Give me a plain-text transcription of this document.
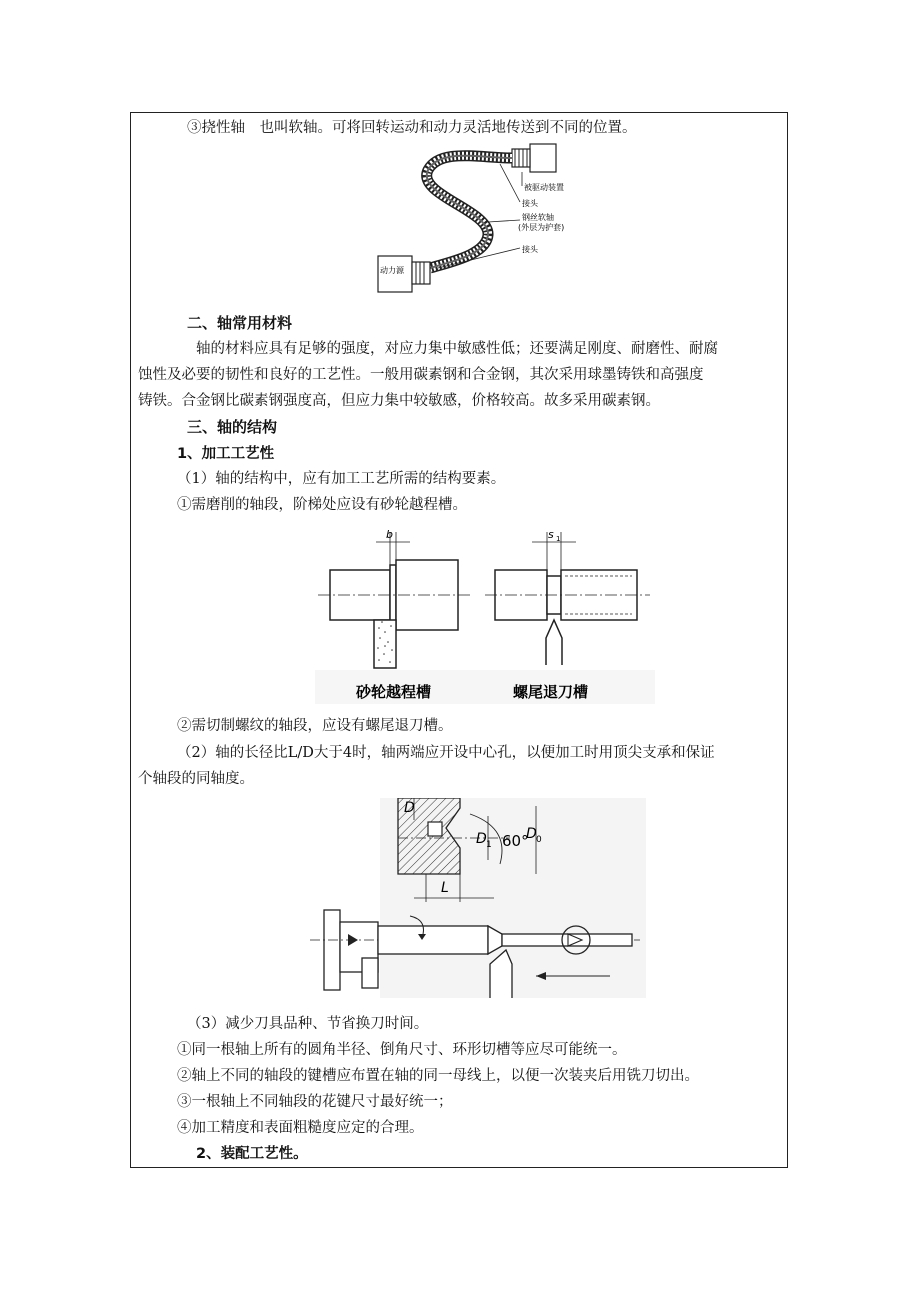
③挠性轴　也叫软轴。可将回转运动和动力灵活地传送到不同的位置。
被驱动装置
接头
钢丝软轴
(外层为护套)
接头
动力源
二、轴常用材料
轴的材料应具有足够的强度，对应力集中敏感性低；还要满足刚度、耐磨性、耐腐
蚀性及必要的韧性和良好的工艺性。一般用碳素钢和合金钢，其次采用球墨铸铁和高强度
铸铁。合金钢比碳素钢强度高，但应力集中较敏感，价格较高。故多采用碳素钢。
三、轴的结构
1、加工工艺性
（1）轴的结构中，应有加工工艺所需的结构要素。
①需磨削的轴段，阶梯处应设有砂轮越程槽。
b	s 1
砂轮越程槽	螺尾退刀槽
②需切制螺纹的轴段，应设有螺尾退刀槽。
（2）轴的长径比L/D大于4时，轴两端应开设中心孔，以便加工时用顶尖支承和保证
个轴段的同轴度。
D
D 1 60°
D 0
L
（3）减少刀具品种、节省换刀时间。
①同一根轴上所有的圆角半径、倒角尺寸、环形切槽等应尽可能统一。
②轴上不同的轴段的键槽应布置在轴的同一母线上，以便一次装夹后用铣刀切出。
③一根轴上不同轴段的花键尺寸最好统一；
④加工精度和表面粗糙度应定的合理。
2、装配工艺性。
